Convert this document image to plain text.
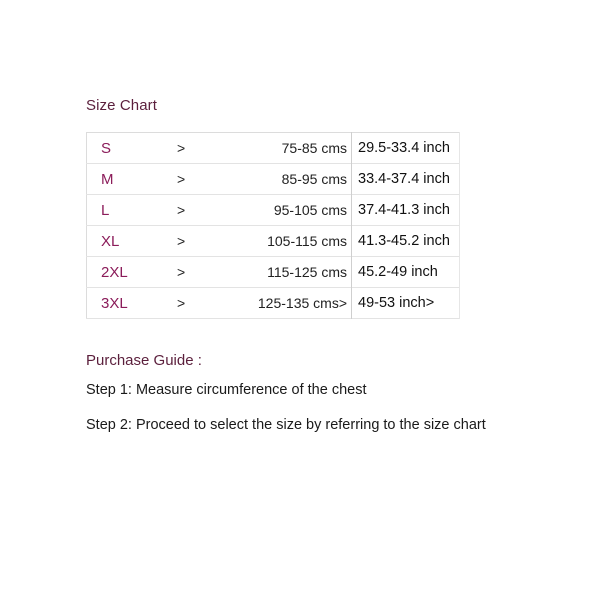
Size Chart
S	>	75-85 cms	29.5-33.4 inch
M	>	85-95 cms	33.4-37.4 inch
L	>	95-105 cms	37.4-41.3 inch
XL	>	105-115 cms	41.3-45.2 inch
2XL	>	115-125 cms	45.2-49 inch
3XL	>	125-135 cms>	49-53 inch>
Purchase Guide :
Step 1: Measure circumference of the chest
Step 2: Proceed to select the size by referring to the size chart
